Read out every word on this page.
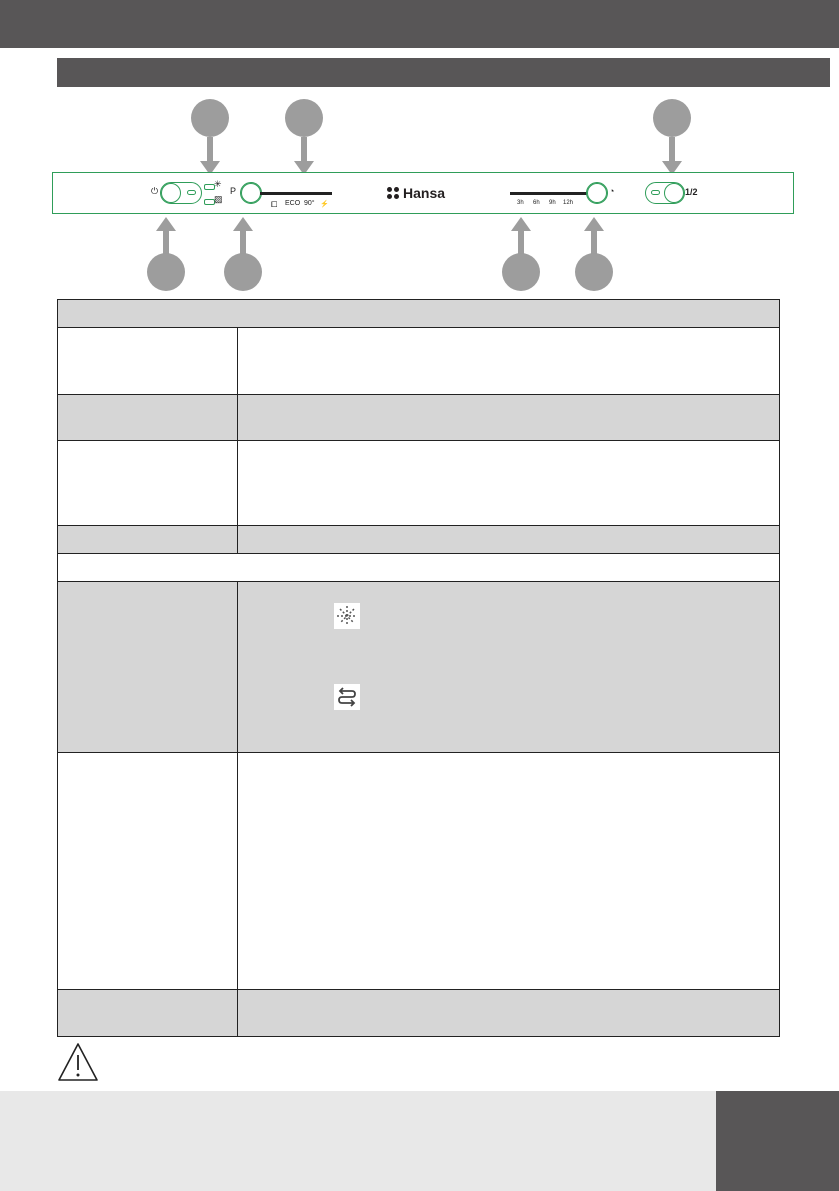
⏻
✳
▨
P
⧠ ECO 90° ⚡
Hansa
3h 6h 9h 12h
◔	1/2
